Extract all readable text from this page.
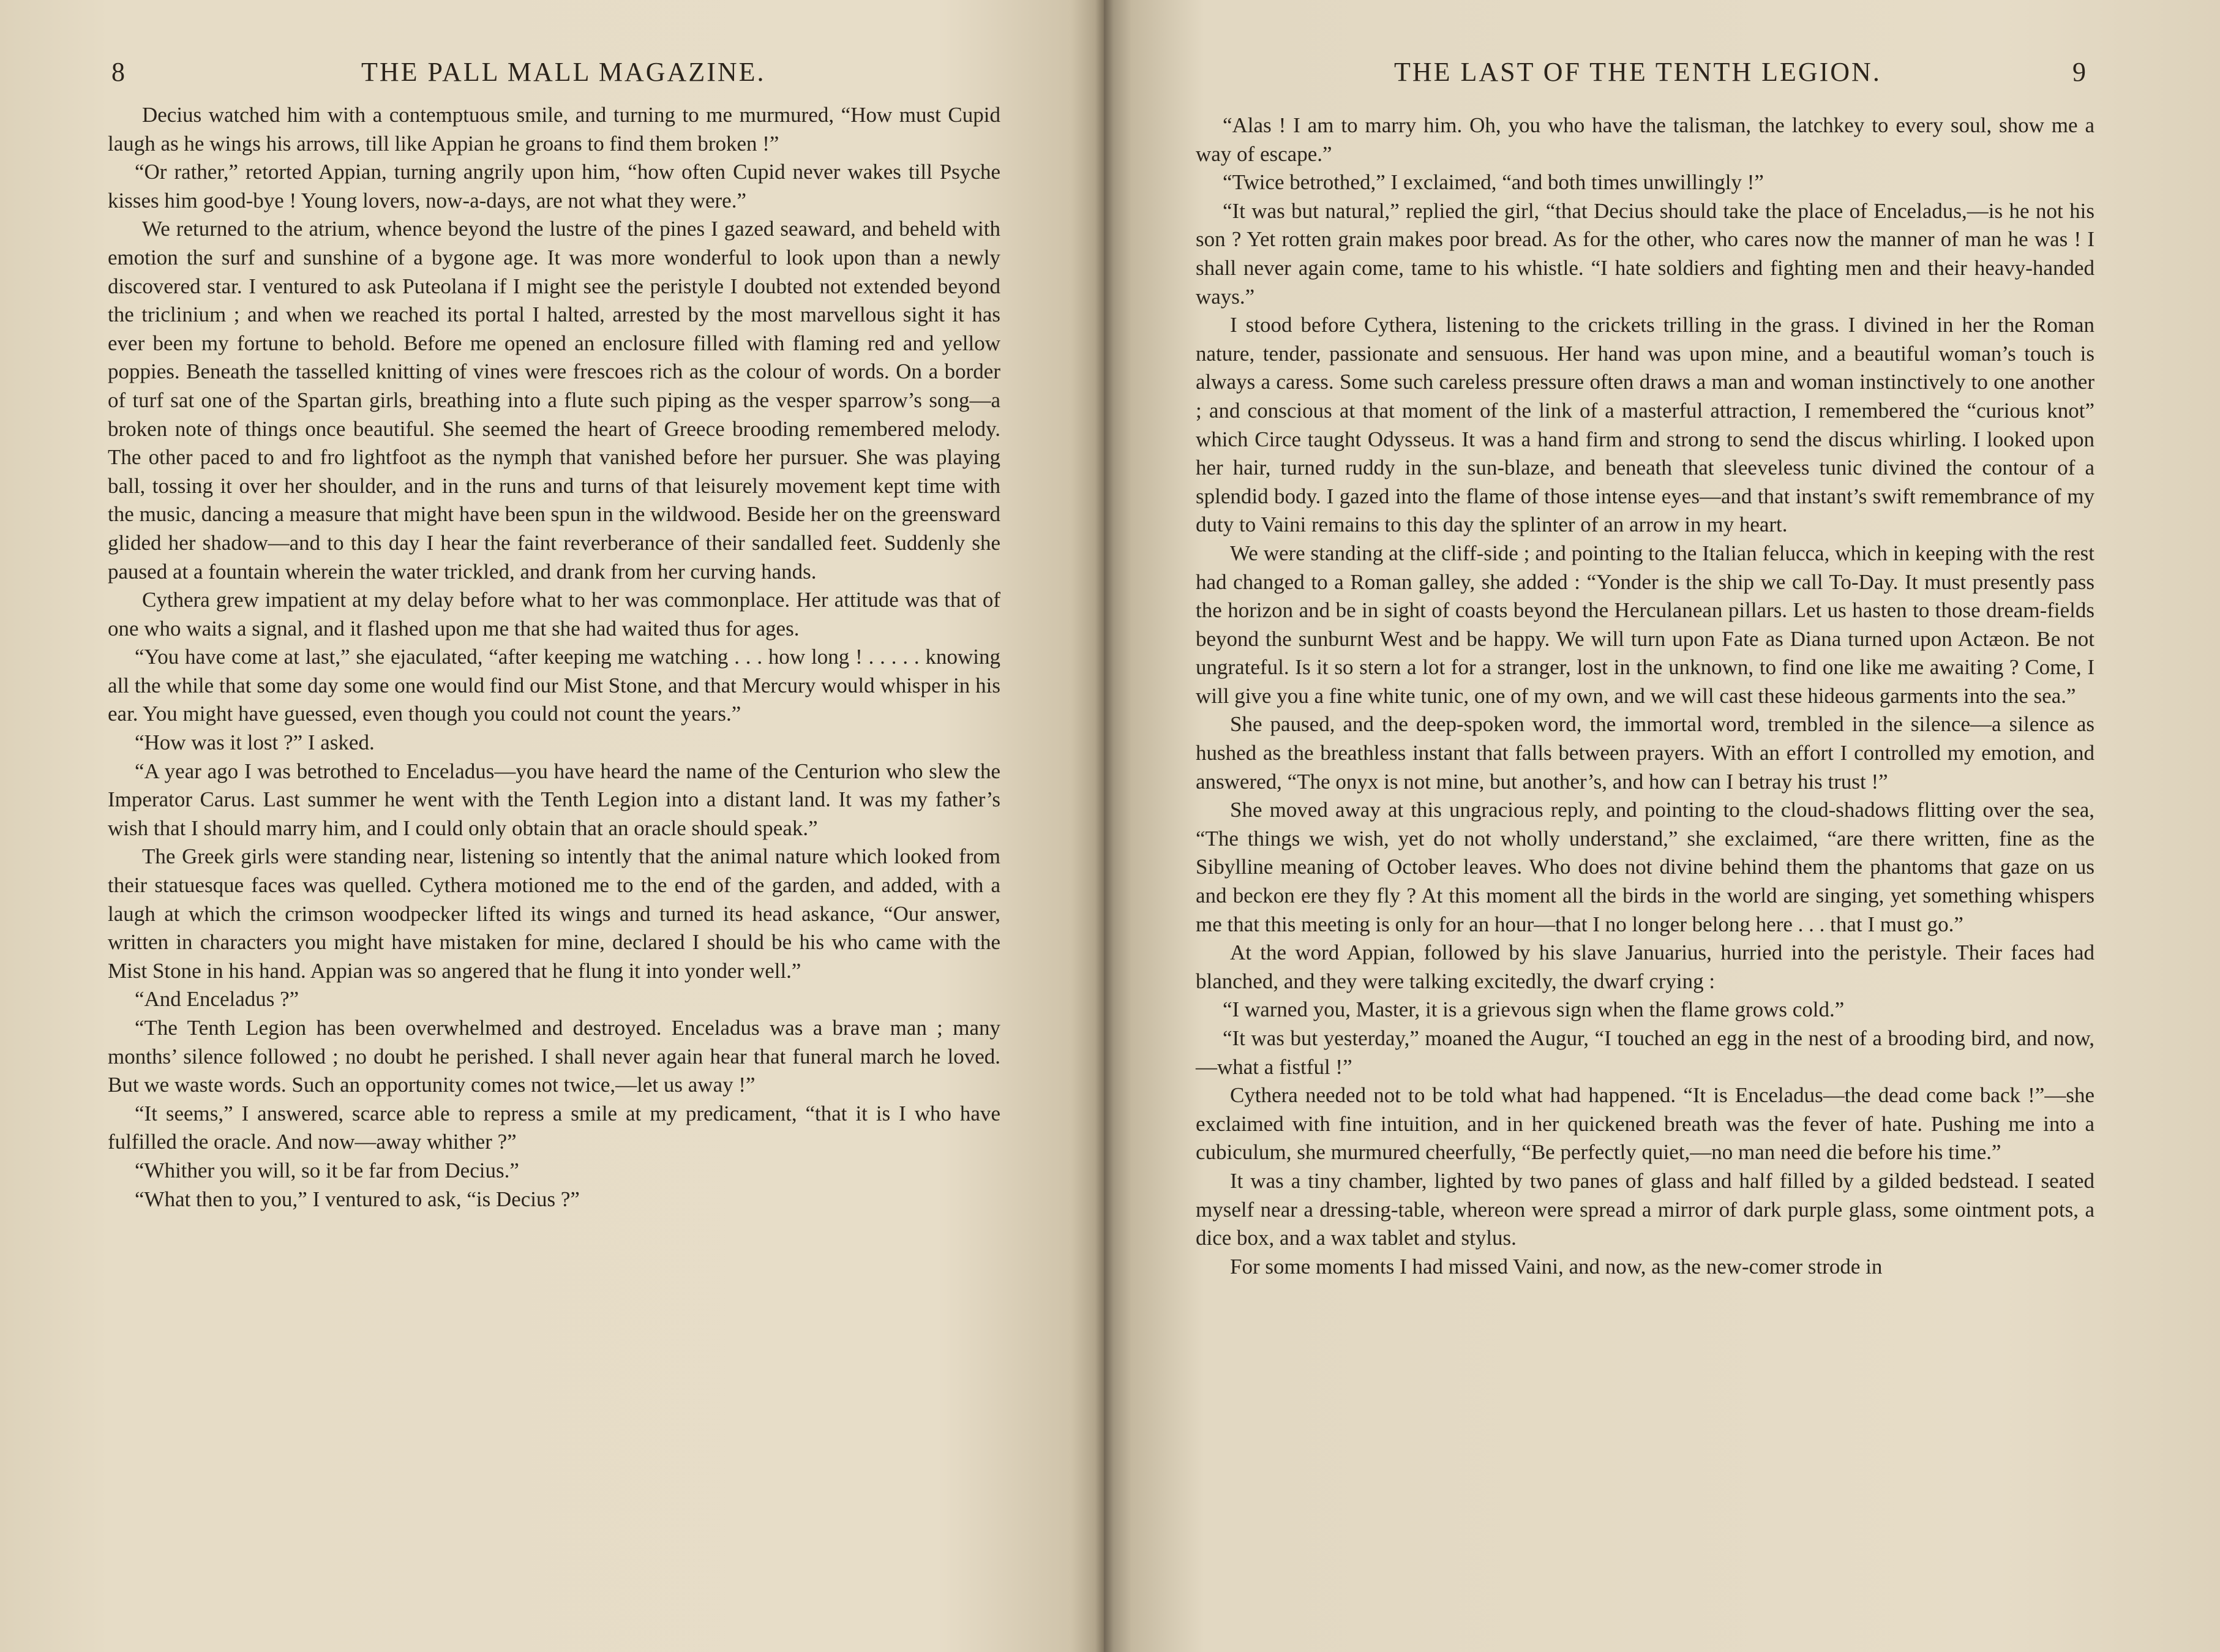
8	THE PALL MALL MAGAZINE.

Decius watched him with a contemptuous smile, and turning to me murmured, “How must Cupid laugh as he wings his arrows, till like Appian he groans to find them broken !”

“Or rather,” retorted Appian, turning angrily upon him, “how often Cupid never wakes till Psyche kisses him good-bye ! Young lovers, now-a-days, are not what they were.”

We returned to the atrium, whence beyond the lustre of the pines I gazed seaward, and beheld with emotion the surf and sunshine of a bygone age. It was more wonderful to look upon than a newly discovered star. I ventured to ask Puteolana if I might see the peristyle I doubted not extended beyond the triclinium ; and when we reached its portal I halted, arrested by the most marvellous sight it has ever been my fortune to behold. Before me opened an enclosure filled with flaming red and yellow poppies. Beneath the tasselled knitting of vines were frescoes rich as the colour of words. On a border of turf sat one of the Spartan girls, breathing into a flute such piping as the vesper sparrow’s song—a broken note of things once beautiful. She seemed the heart of Greece brooding remembered melody. The other paced to and fro lightfoot as the nymph that vanished before her pursuer. She was playing ball, tossing it over her shoulder, and in the runs and turns of that leisurely movement kept time with the music, dancing a measure that might have been spun in the wildwood. Beside her on the greensward glided her shadow—and to this day I hear the faint reverberance of their sandalled feet. Suddenly she paused at a fountain wherein the water trickled, and drank from her curving hands.

Cythera grew impatient at my delay before what to her was commonplace. Her attitude was that of one who waits a signal, and it flashed upon me that she had waited thus for ages.

“You have come at last,” she ejaculated, “after keeping me watching . . . how long ! . . . . . knowing all the while that some day some one would find our Mist Stone, and that Mercury would whisper in his ear. You might have guessed, even though you could not count the years.”

“How was it lost ?” I asked.

“A year ago I was betrothed to Enceladus—you have heard the name of the Centurion who slew the Imperator Carus. Last summer he went with the Tenth Legion into a distant land. It was my father’s wish that I should marry him, and I could only obtain that an oracle should speak.”

The Greek girls were standing near, listening so intently that the animal nature which looked from their statuesque faces was quelled. Cythera motioned me to the end of the garden, and added, with a laugh at which the crimson woodpecker lifted its wings and turned its head askance, “Our answer, written in characters you might have mistaken for mine, declared I should be his who came with the Mist Stone in his hand. Appian was so angered that he flung it into yonder well.”

“And Enceladus ?”

“The Tenth Legion has been overwhelmed and destroyed. Enceladus was a brave man ; many months’ silence followed ; no doubt he perished. I shall never again hear that funeral march he loved. But we waste words. Such an opportunity comes not twice,—let us away !”

“It seems,” I answered, scarce able to repress a smile at my predicament, “that it is I who have fulfilled the oracle. And now—away whither ?”

“Whither you will, so it be far from Decius.”

“What then to you,” I ventured to ask, “is Decius ?”

THE LAST OF THE TENTH LEGION.	9

“Alas ! I am to marry him. Oh, you who have the talisman, the latchkey to every soul, show me a way of escape.”

“Twice betrothed,” I exclaimed, “and both times unwillingly !”

“It was but natural,” replied the girl, “that Decius should take the place of Enceladus,—is he not his son ? Yet rotten grain makes poor bread. As for the other, who cares now the manner of man he was ! I shall never again come, tame to his whistle. “I hate soldiers and fighting men and their heavy-handed ways.”

I stood before Cythera, listening to the crickets trilling in the grass. I divined in her the Roman nature, tender, passionate and sensuous. Her hand was upon mine, and a beautiful woman’s touch is always a caress. Some such careless pressure often draws a man and woman instinctively to one another ; and conscious at that moment of the link of a masterful attraction, I remembered the “curious knot” which Circe taught Odysseus. It was a hand firm and strong to send the discus whirling. I looked upon her hair, turned ruddy in the sun-blaze, and beneath that sleeveless tunic divined the contour of a splendid body. I gazed into the flame of those intense eyes—and that instant’s swift remembrance of my duty to Vaini remains to this day the splinter of an arrow in my heart.

We were standing at the cliff-side ; and pointing to the Italian felucca, which in keeping with the rest had changed to a Roman galley, she added : “Yonder is the ship we call To-Day. It must presently pass the horizon and be in sight of coasts beyond the Herculanean pillars. Let us hasten to those dream-fields beyond the sunburnt West and be happy. We will turn upon Fate as Diana turned upon Actæon. Be not ungrateful. Is it so stern a lot for a stranger, lost in the unknown, to find one like me awaiting ? Come, I will give you a fine white tunic, one of my own, and we will cast these hideous garments into the sea.”

She paused, and the deep-spoken word, the immortal word, trembled in the silence—a silence as hushed as the breathless instant that falls between prayers. With an effort I controlled my emotion, and answered, “The onyx is not mine, but another’s, and how can I betray his trust !”

She moved away at this ungracious reply, and pointing to the cloud-shadows flitting over the sea, “The things we wish, yet do not wholly understand,” she exclaimed, “are there written, fine as the Sibylline meaning of October leaves. Who does not divine behind them the phantoms that gaze on us and beckon ere they fly ? At this moment all the birds in the world are singing, yet something whispers me that this meeting is only for an hour—that I no longer belong here . . . that I must go.”

At the word Appian, followed by his slave Januarius, hurried into the peristyle. Their faces had blanched, and they were talking excitedly, the dwarf crying :

“I warned you, Master, it is a grievous sign when the flame grows cold.”

“It was but yesterday,” moaned the Augur, “I touched an egg in the nest of a brooding bird, and now,—what a fistful !”

Cythera needed not to be told what had happened. “It is Enceladus—the dead come back !”—she exclaimed with fine intuition, and in her quickened breath was the fever of hate. Pushing me into a cubiculum, she murmured cheerfully, “Be perfectly quiet,—no man need die before his time.”

It was a tiny chamber, lighted by two panes of glass and half filled by a gilded bedstead. I seated myself near a dressing-table, whereon were spread a mirror of dark purple glass, some ointment pots, a dice box, and a wax tablet and stylus.

For some moments I had missed Vaini, and now, as the new-comer strode in
